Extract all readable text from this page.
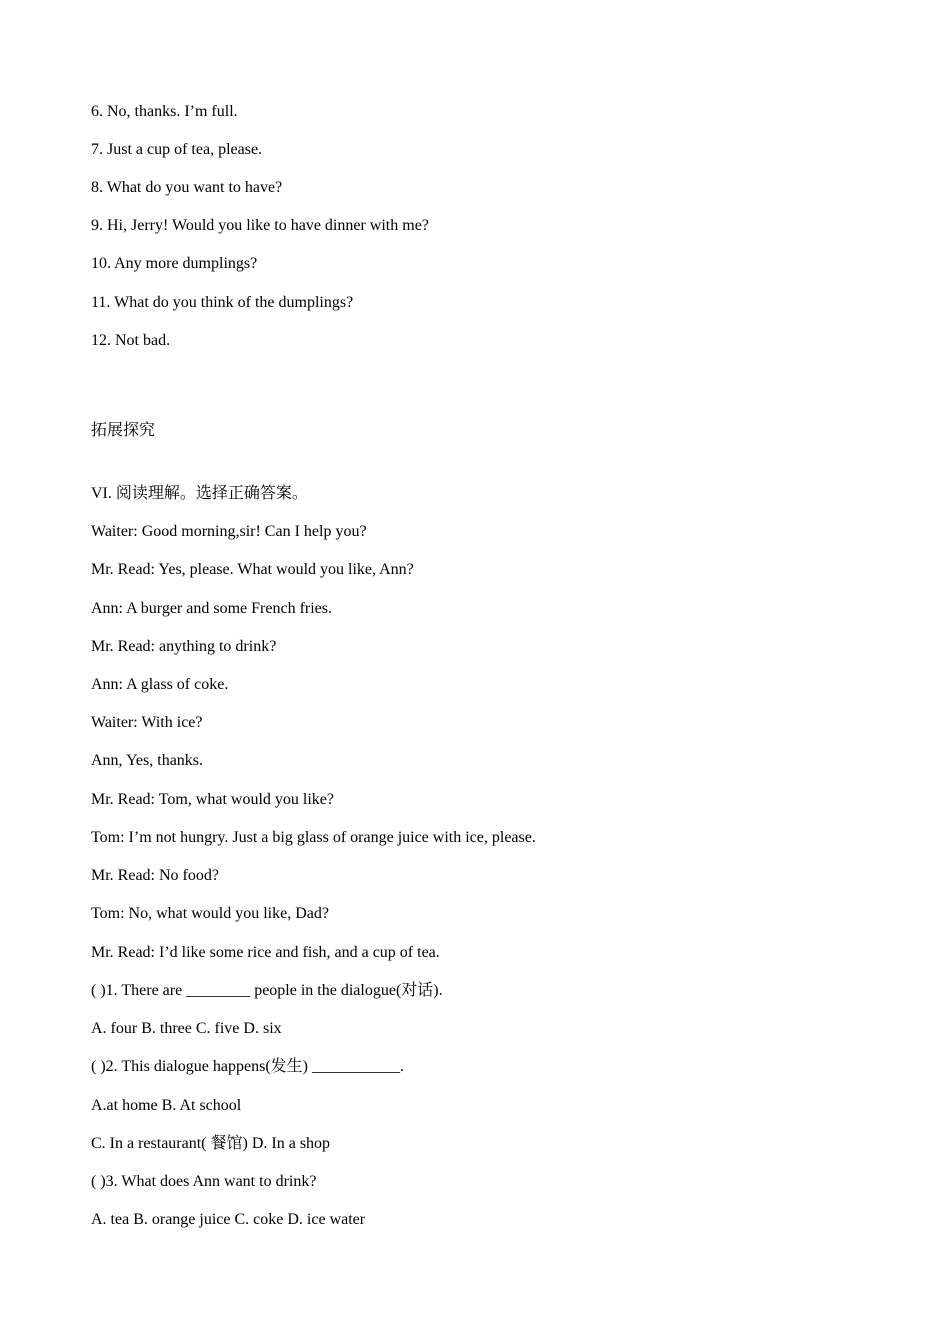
6. No, thanks. I’m full.
7. Just a cup of tea, please.
8. What do you want to have?
9. Hi, Jerry! Would you like to have dinner with me?
10. Any more dumplings?
11. What do you think of the dumplings?
12. Not bad.
拓展探究
VI. 阅读理解。选择正确答案。
Waiter: Good morning,sir! Can I help you?
Mr. Read: Yes, please. What would you like, Ann?
Ann: A burger and some French fries.
Mr. Read: anything to drink?
Ann: A glass of coke.
Waiter: With ice?
Ann, Yes, thanks.
Mr. Read: Tom, what would you like?
Tom: I’m not hungry. Just a big glass of orange juice with ice, please.
Mr. Read: No food?
Tom: No, what would you like, Dad?
Mr. Read: I’d like some rice and fish, and a cup of tea.
( )1. There are ________ people in the dialogue(对话).
A. four B. three C. five D. six
( )2. This dialogue happens(发生) ___________.
A.at home B. At school
C. In a restaurant( 餐馆) D. In a shop
( )3. What does Ann want to drink?
A. tea B. orange juice C. coke D. ice water
